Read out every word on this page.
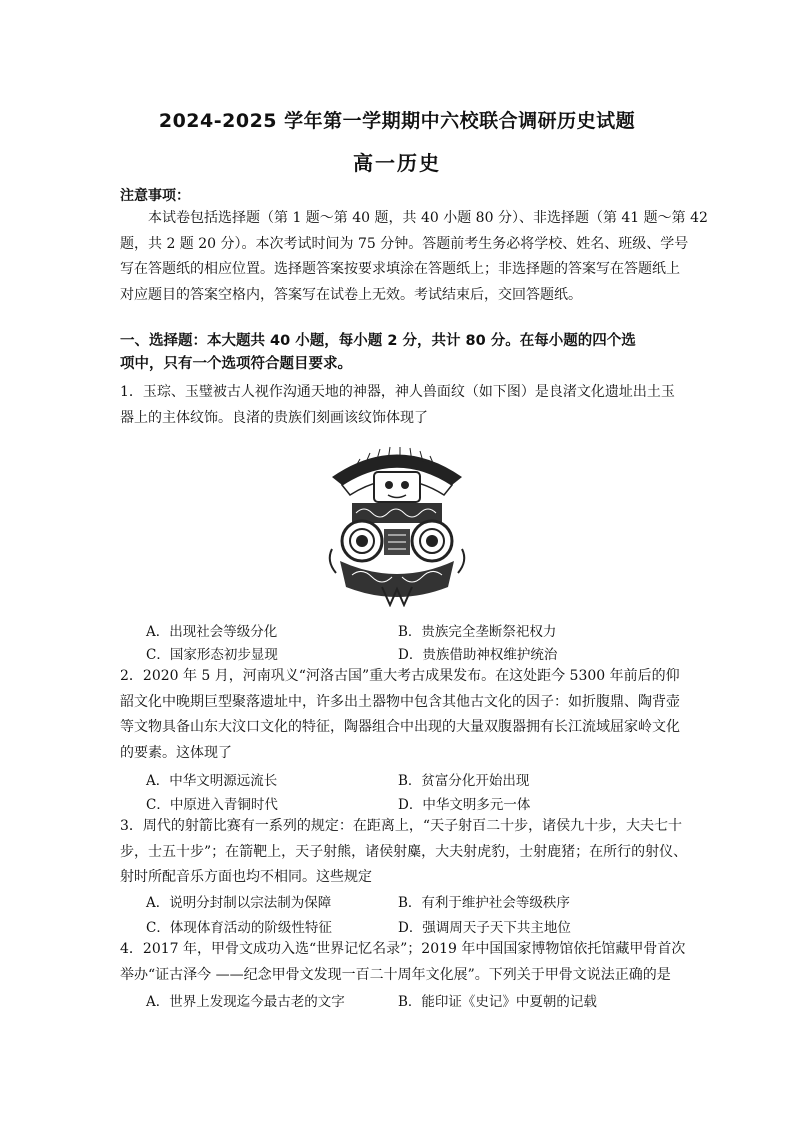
2024-2025 学年第一学期期中六校联合调研历史试题
高一历史
注意事项：
　　本试卷包括选择题（第 1 题～第 40 题，共 40 小题 80 分）、非选择题（第 41 题～第 42
题，共 2 题 20 分）。本次考试时间为 75 分钟。答题前考生务必将学校、姓名、班级、学号
写在答题纸的相应位置。选择题答案按要求填涂在答题纸上；非选择题的答案写在答题纸上
对应题目的答案空格内，答案写在试卷上无效。考试结束后，交回答题纸。
一、选择题：本大题共 40 小题，每小题 2 分，共计 80 分。在每小题的四个选
项中，只有一个选项符合题目要求。
1．玉琮、玉璧被古人视作沟通天地的神器，神人兽面纹（如下图）是良渚文化遗址出土玉
器上的主体纹饰。良渚的贵族们刻画该纹饰体现了
A．出现社会等级分化	B．贵族完全垄断祭祀权力
C．国家形态初步显现	D．贵族借助神权维护统治
2．2020 年 5 月，河南巩义“河洛古国”重大考古成果发布。在这处距今 5300 年前后的仰
韶文化中晚期巨型聚落遗址中，许多出土器物中包含其他古文化的因子：如折腹鼎、陶背壶
等文物具备山东大汶口文化的特征，陶器组合中出现的大量双腹器拥有长江流域屈家岭文化
的要素。这体现了
A．中华文明源远流长	B．贫富分化开始出现
C．中原进入青铜时代	D．中华文明多元一体
3．周代的射箭比赛有一系列的规定：在距离上，“天子射百二十步，诸侯九十步，大夫七十
步，士五十步”；在箭靶上，天子射熊，诸侯射麋，大夫射虎豹，士射鹿猪；在所行的射仪、
射时所配音乐方面也均不相同。这些规定
A．说明分封制以宗法制为保障	B．有利于维护社会等级秩序
C．体现体育活动的阶级性特征	D．强调周天子天下共主地位
4．2017 年，甲骨文成功入选“世界记忆名录”；2019 年中国国家博物馆依托馆藏甲骨首次
举办“证古泽今 ——纪念甲骨文发现一百二十周年文化展”。下列关于甲骨文说法正确的是
A．世界上发现迄今最古老的文字	B．能印证《史记》中夏朝的记载
